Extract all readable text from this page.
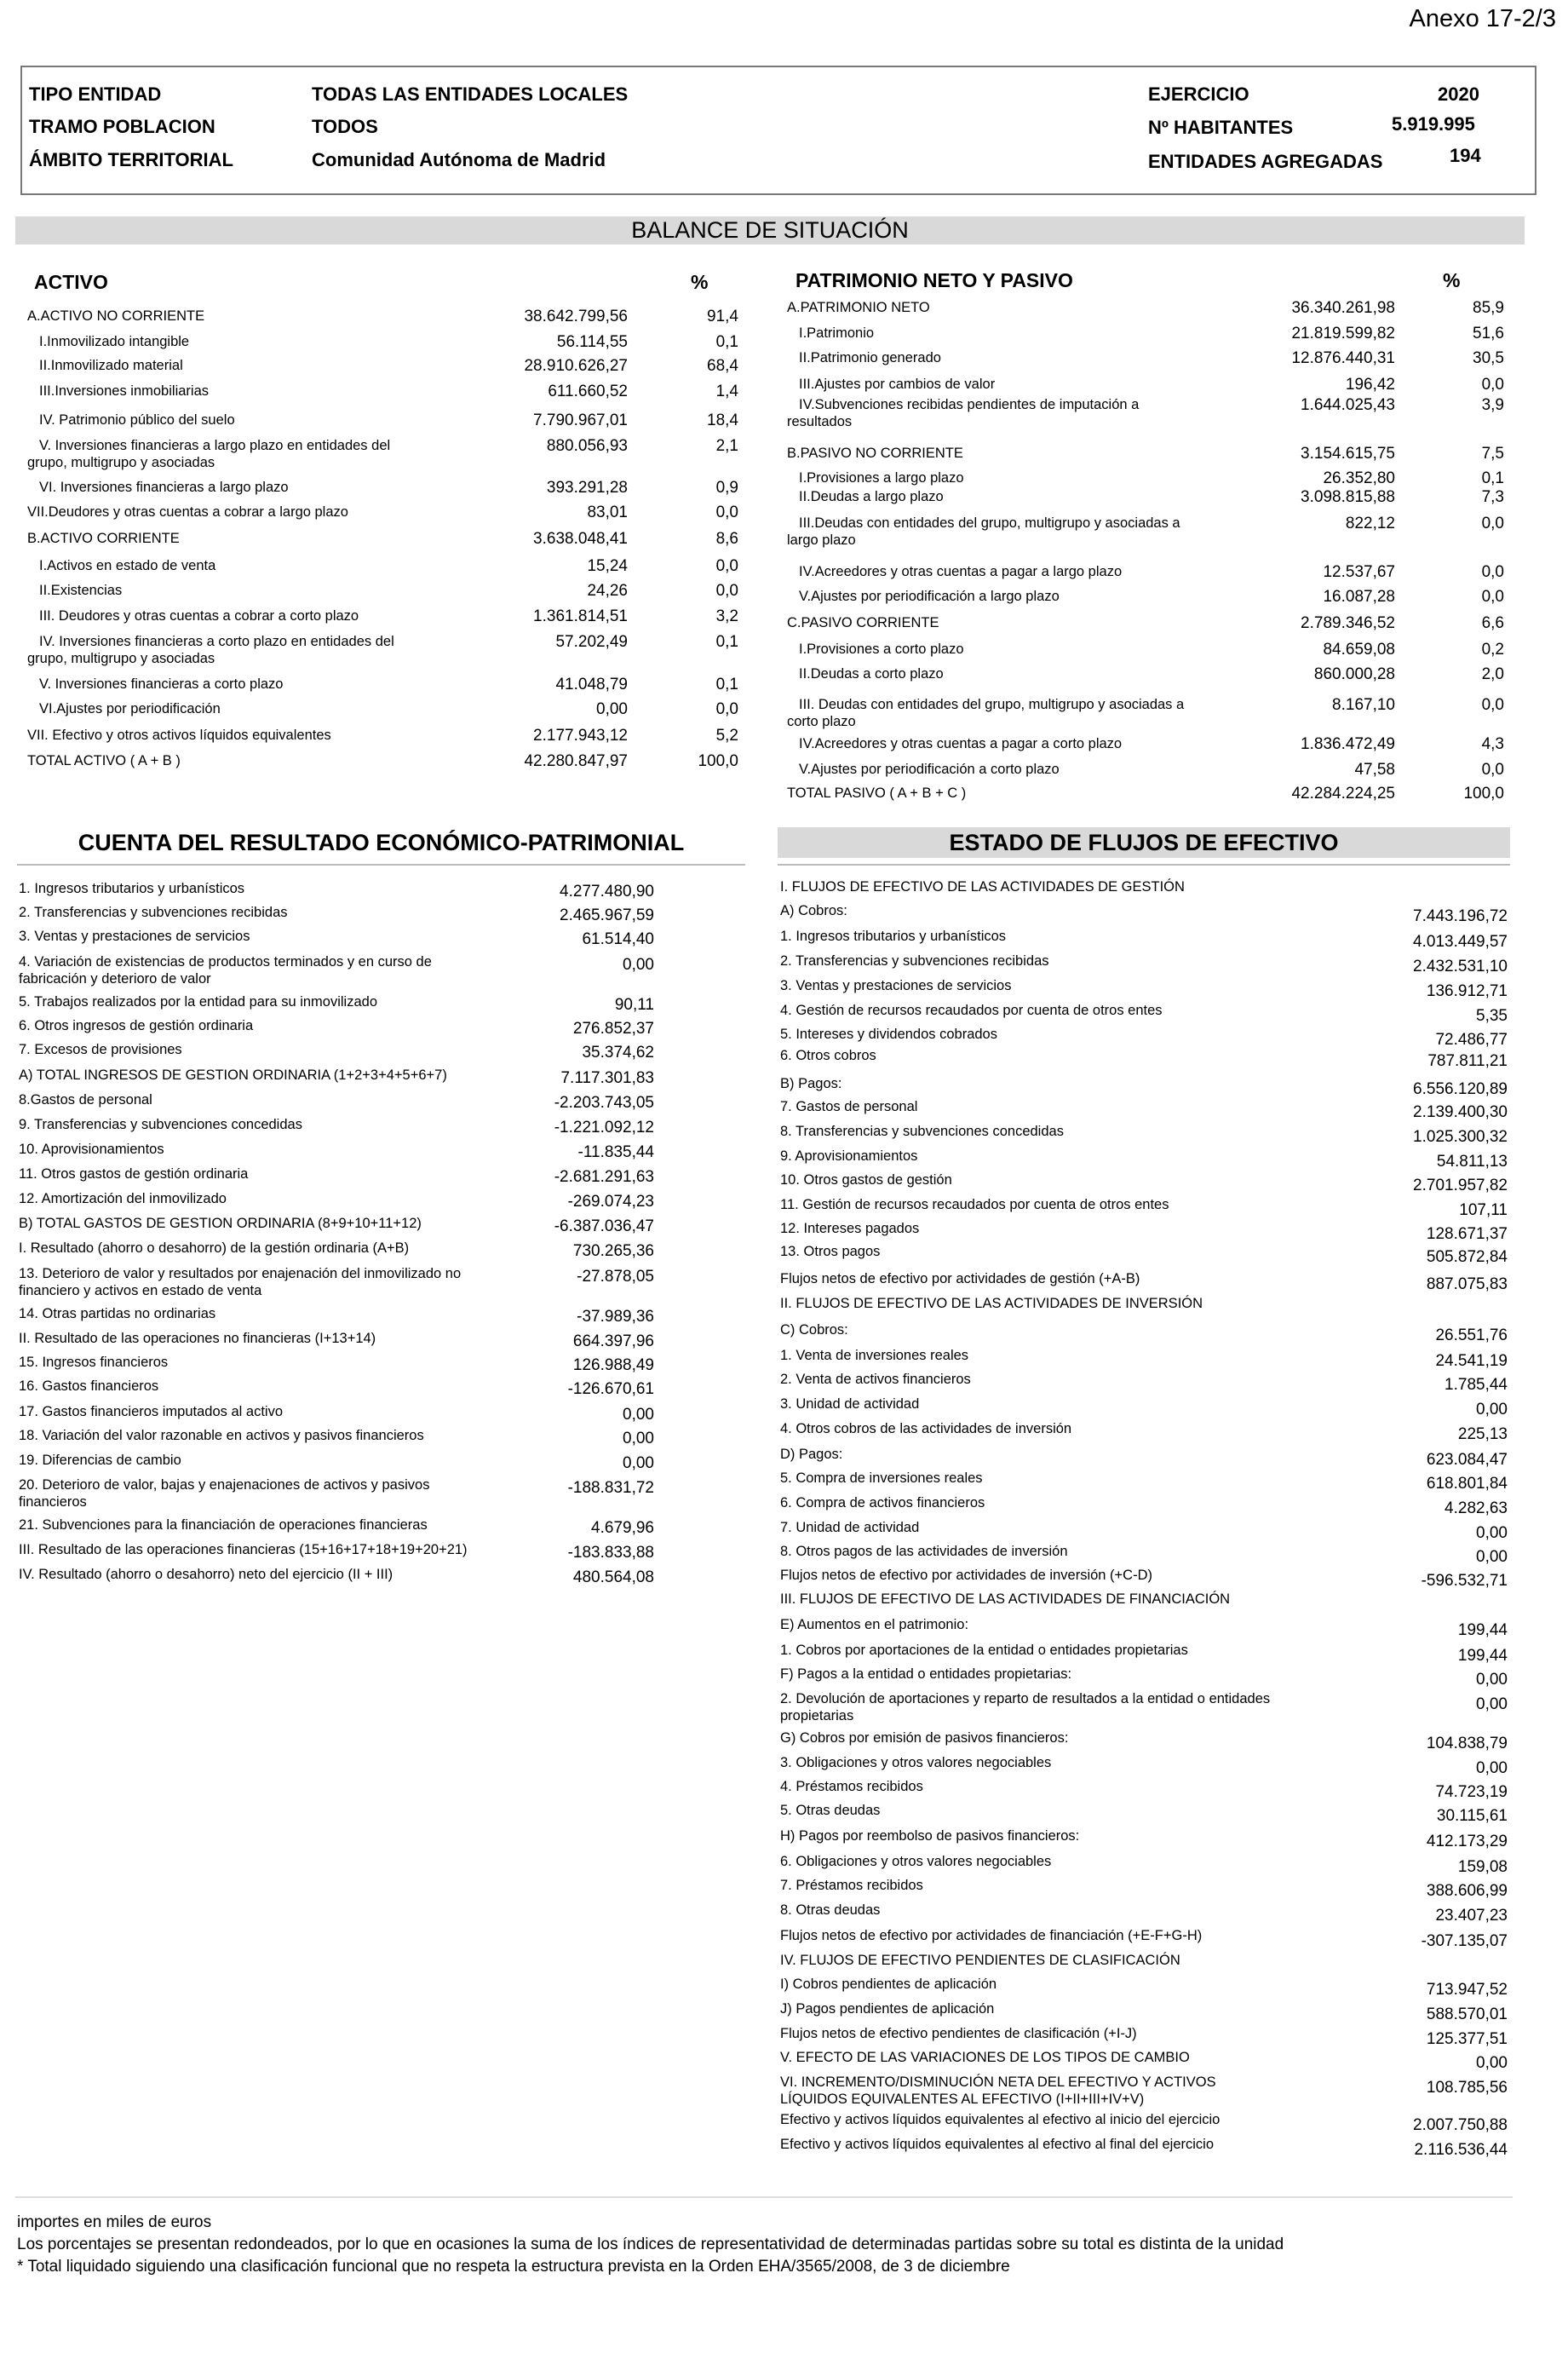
Anexo 17-2/3
TIPO ENTIDAD	TODAS LAS ENTIDADES LOCALES
TRAMO POBLACION	TODOS
ÁMBITO TERRITORIAL	Comunidad Autónoma de Madrid
EJERCICIO	2020
Nº HABITANTES	5.919.995
ENTIDADES AGREGADAS	194
BALANCE DE SITUACIÓN
ACTIVO	%	PATRIMONIO NETO Y PASIVO	%
A.ACTIVO NO CORRIENTE	38.642.799,56	91,4
I.Inmovilizado intangible	56.114,55	0,1
II.Inmovilizado material	28.910.626,27	68,4
III.Inversiones inmobiliarias	611.660,52	1,4
IV. Patrimonio público del suelo	7.790.967,01	18,4
V. Inversiones financieras a largo plazo en entidades del
grupo, multigrupo y asociadas
880.056,93	2,1
VI. Inversiones financieras a largo plazo	393.291,28	0,9
VII.Deudores y otras cuentas a cobrar a largo plazo	83,01	0,0
B.ACTIVO CORRIENTE	3.638.048,41	8,6
I.Activos en estado de venta	15,24	0,0
II.Existencias	24,26	0,0
III. Deudores y otras cuentas a cobrar a corto plazo	1.361.814,51	3,2
IV. Inversiones financieras a corto plazo en entidades del
grupo, multigrupo y asociadas
57.202,49	0,1
V. Inversiones financieras a corto plazo	41.048,79	0,1
VI.Ajustes por periodificación	0,00	0,0
VII. Efectivo y otros activos líquidos equivalentes	2.177.943,12	5,2
TOTAL ACTIVO ( A + B )	42.280.847,97	100,0
A.PATRIMONIO NETO	36.340.261,98	85,9
I.Patrimonio	21.819.599,82	51,6
II.Patrimonio generado	12.876.440,31	30,5
III.Ajustes por cambios de valor	196,42	0,0
IV.Subvenciones recibidas pendientes de imputación a
resultados
1.644.025,43	3,9
B.PASIVO NO CORRIENTE	3.154.615,75	7,5
I.Provisiones a largo plazo	26.352,80	0,1
II.Deudas a largo plazo	3.098.815,88	7,3
III.Deudas con entidades del grupo, multigrupo y asociadas a
largo plazo
822,12	0,0
IV.Acreedores y otras cuentas a pagar a largo plazo	12.537,67	0,0
V.Ajustes por periodificación a largo plazo	16.087,28	0,0
C.PASIVO CORRIENTE	2.789.346,52	6,6
I.Provisiones a corto plazo	84.659,08	0,2
II.Deudas a corto plazo	860.000,28	2,0
III. Deudas con entidades del grupo, multigrupo y asociadas a
corto plazo
8.167,10	0,0
IV.Acreedores y otras cuentas a pagar a corto plazo	1.836.472,49	4,3
V.Ajustes por periodificación a corto plazo	47,58	0,0
TOTAL PASIVO ( A + B + C )	42.284.224,25	100,0
CUENTA DEL RESULTADO ECONÓMICO-PATRIMONIAL	ESTADO DE FLUJOS DE EFECTIVO
1. Ingresos tributarios y urbanísticos	4.277.480,90
2. Transferencias y subvenciones recibidas	2.465.967,59
3. Ventas y prestaciones de servicios	61.514,40
4. Variación de existencias de productos terminados y en curso de
fabricación y deterioro de valor
0,00
5. Trabajos realizados por la entidad para su inmovilizado	90,11
6. Otros ingresos de gestión ordinaria	276.852,37
7. Excesos de provisiones	35.374,62
A) TOTAL INGRESOS DE GESTION ORDINARIA (1+2+3+4+5+6+7)	7.117.301,83
8.Gastos de personal	-2.203.743,05
9. Transferencias y subvenciones concedidas	-1.221.092,12
10. Aprovisionamientos	-11.835,44
11. Otros gastos de gestión ordinaria	-2.681.291,63
12. Amortización del inmovilizado	-269.074,23
B) TOTAL GASTOS DE GESTION ORDINARIA (8+9+10+11+12)	-6.387.036,47
I. Resultado (ahorro o desahorro) de la gestión ordinaria (A+B)	730.265,36
13. Deterioro de valor y resultados por enajenación del inmovilizado no
financiero y activos en estado de venta
-27.878,05
14. Otras partidas no ordinarias	-37.989,36
II. Resultado de las operaciones no financieras (I+13+14)	664.397,96
15. Ingresos financieros	126.988,49
16. Gastos financieros	-126.670,61
17. Gastos financieros imputados al activo	0,00
18. Variación del valor razonable en activos y pasivos financieros	0,00
19. Diferencias de cambio	0,00
20. Deterioro de valor, bajas y enajenaciones de activos y pasivos
financieros
-188.831,72
21. Subvenciones para la financiación de operaciones financieras	4.679,96
III. Resultado de las operaciones financieras (15+16+17+18+19+20+21)	-183.833,88
IV. Resultado (ahorro o desahorro) neto del ejercicio (II + III)	480.564,08
I. FLUJOS DE EFECTIVO DE LAS ACTIVIDADES DE GESTIÓN
A) Cobros:	7.443.196,72
1. Ingresos tributarios y urbanísticos	4.013.449,57
2. Transferencias y subvenciones recibidas	2.432.531,10
3. Ventas y prestaciones de servicios	136.912,71
4. Gestión de recursos recaudados por cuenta de otros entes	5,35
5. Intereses y dividendos cobrados	72.486,77
6. Otros cobros	787.811,21
B) Pagos:	6.556.120,89
7. Gastos de personal	2.139.400,30
8. Transferencias y subvenciones concedidas	1.025.300,32
9. Aprovisionamientos	54.811,13
10. Otros gastos de gestión	2.701.957,82
11. Gestión de recursos recaudados por cuenta de otros entes	107,11
12. Intereses pagados	128.671,37
13. Otros pagos	505.872,84
Flujos netos de efectivo por actividades de gestión (+A-B)	887.075,83
II. FLUJOS DE EFECTIVO DE LAS ACTIVIDADES DE INVERSIÓN
C) Cobros:	26.551,76
1. Venta de inversiones reales	24.541,19
2. Venta de activos financieros	1.785,44
3. Unidad de actividad	0,00
4. Otros cobros de las actividades de inversión	225,13
D) Pagos:	623.084,47
5. Compra de inversiones reales	618.801,84
6. Compra de activos financieros	4.282,63
7. Unidad de actividad	0,00
8. Otros pagos de las actividades de inversión	0,00
Flujos netos de efectivo por actividades de inversión (+C-D)	-596.532,71
III. FLUJOS DE EFECTIVO DE LAS ACTIVIDADES DE FINANCIACIÓN
E) Aumentos en el patrimonio:	199,44
1. Cobros por aportaciones de la entidad o entidades propietarias	199,44
F) Pagos a la entidad o entidades propietarias:	0,00
2. Devolución de aportaciones y reparto de resultados a la entidad o entidades
propietarias
0,00
G) Cobros por emisión de pasivos financieros:	104.838,79
3. Obligaciones y otros valores negociables	0,00
4. Préstamos recibidos	74.723,19
5. Otras deudas	30.115,61
H) Pagos por reembolso de pasivos financieros:	412.173,29
6. Obligaciones y otros valores negociables	159,08
7. Préstamos recibidos	388.606,99
8. Otras deudas	23.407,23
Flujos netos de efectivo por actividades de financiación (+E-F+G-H)	-307.135,07
IV. FLUJOS DE EFECTIVO PENDIENTES DE CLASIFICACIÓN
I) Cobros pendientes de aplicación	713.947,52
J) Pagos pendientes de aplicación	588.570,01
Flujos netos de efectivo pendientes de clasificación (+I-J)	125.377,51
V. EFECTO DE LAS VARIACIONES DE LOS TIPOS DE CAMBIO	0,00
VI. INCREMENTO/DISMINUCIÓN NETA DEL EFECTIVO Y ACTIVOS
LÍQUIDOS EQUIVALENTES AL EFECTIVO (I+II+III+IV+V)
108.785,56
Efectivo y activos líquidos equivalentes al efectivo al inicio del ejercicio	2.007.750,88
Efectivo y activos líquidos equivalentes al efectivo al final del ejercicio	2.116.536,44
importes en miles de euros
Los porcentajes se presentan redondeados, por lo que en ocasiones la suma de los índices de representatividad de determinadas partidas sobre su total es distinta de la unidad
* Total liquidado siguiendo una clasificación funcional que no respeta la estructura prevista en la Orden EHA/3565/2008, de 3 de diciembre
